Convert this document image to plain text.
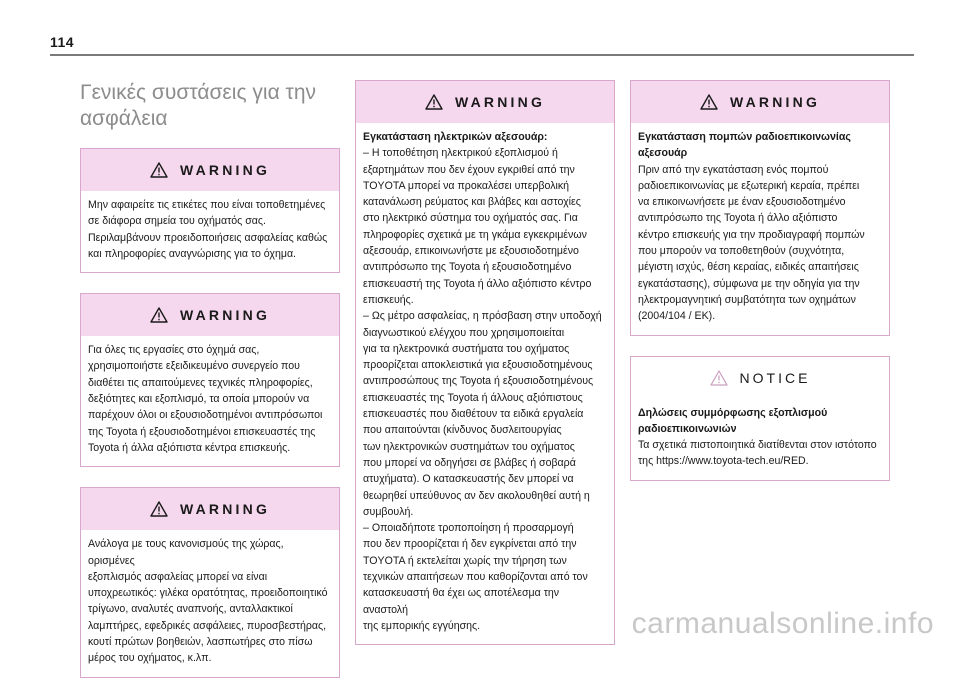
114
Γενικές συστάσεις για την ασφάλεια
WARNING

Μην αφαιρείτε τις ετικέτες που είναι τοποθετημένες

σε διάφορα σημεία του οχήματός σας.

Περιλαμβάνουν προειδοποιήσεις ασφαλείας καθώς

και πληροφορίες αναγνώρισης για το όχημα.

WARNING

Για όλες τις εργασίες στο όχημά σας,

χρησιμοποιήστε εξειδικευμένο συνεργείο που

διαθέτει τις απαιτούμενες τεχνικές πληροφορίες,

δεξιότητες και εξοπλισμό, τα οποία μπορούν να

παρέχουν όλοι οι εξουσιοδοτημένοι αντιπρόσωποι

της Toyota ή εξουσιοδοτημένοι επισκευαστές της

Toyota ή άλλα αξιόπιστα κέντρα επισκευής.

WARNING

Ανάλογα με τους κανονισμούς της χώρας, ορισμένες

εξοπλισμός ασφαλείας μπορεί να είναι

υποχρεωτικός: γιλέκα ορατότητας, προειδοποιητικό

τρίγωνο, αναλυτές αναπνοής, ανταλλακτικοί

λαμπτήρες, εφεδρικές ασφάλειες, πυροσβεστήρας,

κουτί πρώτων βοηθειών, λασπωτήρες στο πίσω

μέρος του οχήματος, κ.λπ.

WARNING

Εγκατάσταση ηλεκτρικών αξεσουάρ:

– Η τοποθέτηση ηλεκτρικού εξοπλισμού ή

εξαρτημάτων που δεν έχουν εγκριθεί από την

TOYOTA μπορεί να προκαλέσει υπερβολική

κατανάλωση ρεύματος και βλάβες και αστοχίες

στο ηλεκτρικό σύστημα του οχήματός σας. Για

πληροφορίες σχετικά με τη γκάμα εγκεκριμένων

αξεσουάρ, επικοινωνήστε με εξουσιοδοτημένο

αντιπρόσωπο της Toyota ή εξουσιοδοτημένο

επισκευαστή της Toyota ή άλλο αξιόπιστο κέντρο

επισκευής.

– Ως μέτρο ασφαλείας, η πρόσβαση στην υποδοχή

διαγνωστικού ελέγχου που χρησιμοποιείται

για τα ηλεκτρονικά συστήματα του οχήματος

προορίζεται αποκλειστικά για εξουσιοδοτημένους

αντιπροσώπους της Toyota ή εξουσιοδοτημένους

επισκευαστές της Toyota ή άλλους αξιόπιστους

επισκευαστές που διαθέτουν τα ειδικά εργαλεία

που απαιτούνται (κίνδυνος δυσλειτουργίας

των ηλεκτρονικών συστημάτων του οχήματος

που μπορεί να οδηγήσει σε βλάβες ή σοβαρά

ατυχήματα). Ο κατασκευαστής δεν μπορεί να

θεωρηθεί υπεύθυνος αν δεν ακολουθηθεί αυτή η

συμβουλή.

– Οποιαδήποτε τροποποίηση ή προσαρμογή

που δεν προορίζεται ή δεν εγκρίνεται από την

TOYOTA ή εκτελείται χωρίς την τήρηση των

τεχνικών απαιτήσεων που καθορίζονται από τον

κατασκευαστή θα έχει ως αποτέλεσμα την αναστολή

της εμπορικής εγγύησης.

WARNING

Εγκατάσταση πομπών ραδιοεπικοινωνίας αξεσουάρ

Πριν από την εγκατάσταση ενός πομπού

ραδιοεπικοινωνίας με εξωτερική κεραία, πρέπει

να επικοινωνήσετε με έναν εξουσιοδοτημένο

αντιπρόσωπο της Toyota ή άλλο αξιόπιστο

κέντρο επισκευής για την προδιαγραφή πομπών

που μπορούν να τοποθετηθούν (συχνότητα,

μέγιστη ισχύς, θέση κεραίας, ειδικές απαιτήσεις

εγκατάστασης), σύμφωνα με την οδηγία για την

ηλεκτρομαγνητική συμβατότητα των οχημάτων

(2004/104 / EK).

NOTICE

Δηλώσεις συμμόρφωσης εξοπλισμού ραδιοεπικοινωνιών

Τα σχετικά πιστοποιητικά διατίθενται στον ιστότοπο

της https://www.toyota-tech.eu/RED.

carmanualsonline.info
